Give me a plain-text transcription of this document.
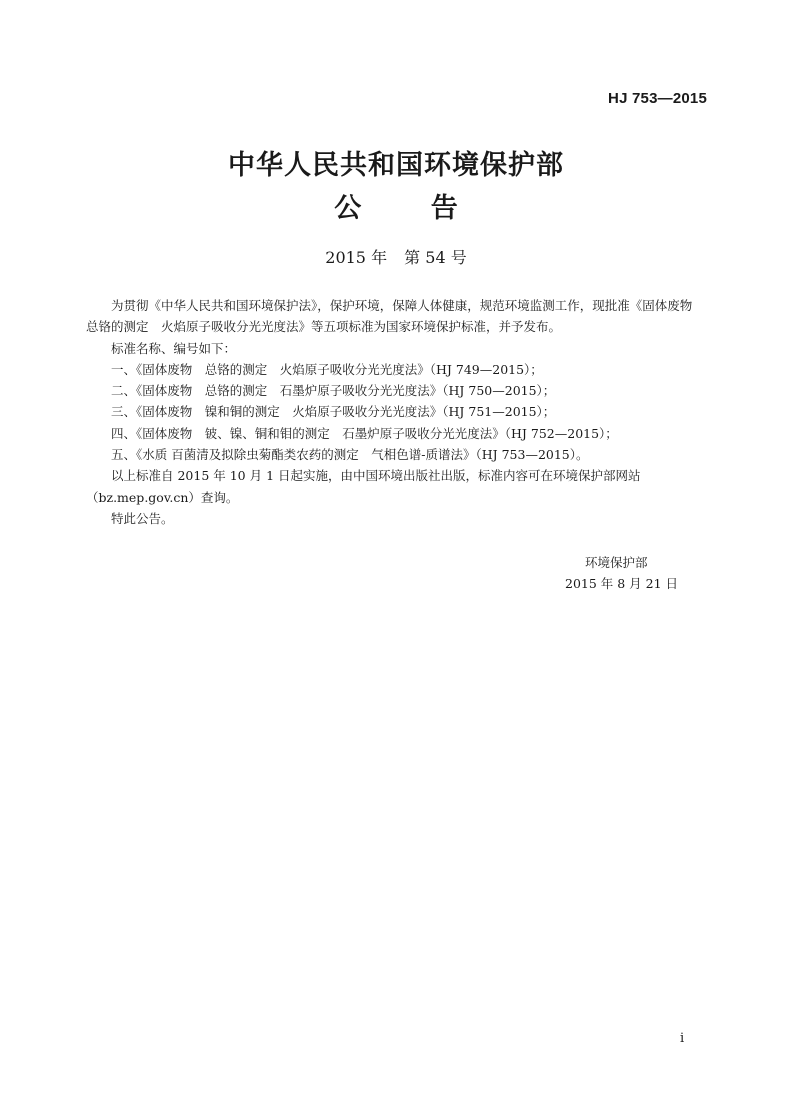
HJ 753—2015
中华人民共和国环境保护部
公 告
2015 年 第 54 号

为贯彻《中华人民共和国环境保护法》，保护环境，保障人体健康，规范环境监测工作，现批准《固体废物　总铬的测定　火焰原子吸收分光光度法》等五项标准为国家环境保护标准，并予发布。

标准名称、编号如下：

一、《固体废物　总铬的测定　火焰原子吸收分光光度法》（HJ 749—2015）；

二、《固体废物　总铬的测定　石墨炉原子吸收分光光度法》（HJ 750—2015）；

三、《固体废物　镍和铜的测定　火焰原子吸收分光光度法》（HJ 751—2015）；

四、《固体废物　铍、镍、铜和钼的测定　石墨炉原子吸收分光光度法》（HJ 752—2015）；

五、《水质 百菌清及拟除虫菊酯类农药的测定　气相色谱-质谱法》（HJ 753—2015）。

以上标准自 2015 年 10 月 1 日起实施，由中国环境出版社出版，标准内容可在环境保护部网站

（bz.mep.gov.cn）查询。

特此公告。

环境保护部
2015 年 8 月 21 日
i
